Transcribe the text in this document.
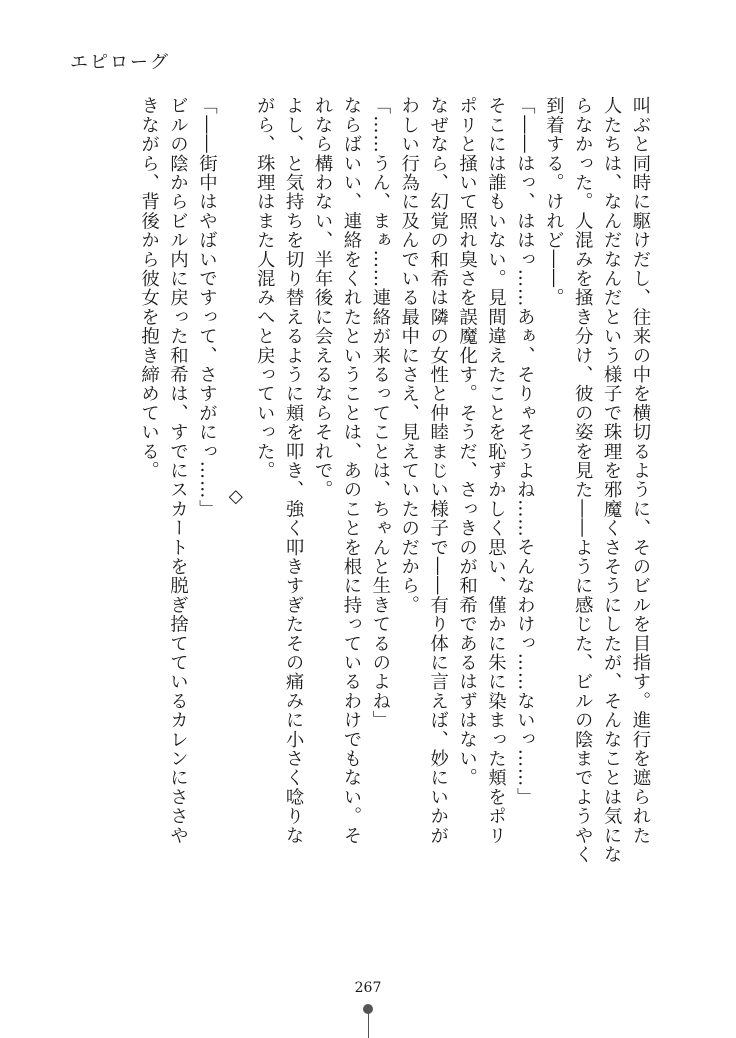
エピローグ
叫ぶと同時に駆けだし、往来の中を横切るように、そのビルを目指す。進行を遮られた
人たちは、なんだなんだという様子で珠理を邪魔くさそうにしたが、そんなことは気にな
らなかった。人混みを掻き分け、彼の姿を見た――ように感じた、ビルの陰までようやく
到着する。けれど――。
「――はっ、ははっ……あぁ、そりゃそうよね……そんなわけっ……ないっ……」
そこには誰もいない。見間違えたことを恥ずかしく思い、僅かに朱に染まった頬をポリ
ポリと掻いて照れ臭さを誤魔化す。そうだ、さっきのが和希であるはずはない。
なぜなら、幻覚の和希は隣の女性と仲睦まじい様子で――有り体に言えば、妙にいかが
わしい行為に及んでいる最中にさえ、見えていたのだから。
「……うん、まぁ……連絡が来るってことは、ちゃんと生きてるのよね」
ならばいい、連絡をくれたということは、あのことを根に持っているわけでもない。そ
れなら構わない、半年後に会えるならそれで。
よし、と気持ちを切り替えるように頬を叩き、強く叩きすぎたその痛みに小さく唸りな
がら、珠理はまた人混みへと戻っていった。
◇
「――街中はやばいですって、さすがにっ……」
ビルの陰からビル内に戻った和希は、すでにスカートを脱ぎ捨てているカレンにささや
きながら、背後から彼女を抱き締めている。
267
